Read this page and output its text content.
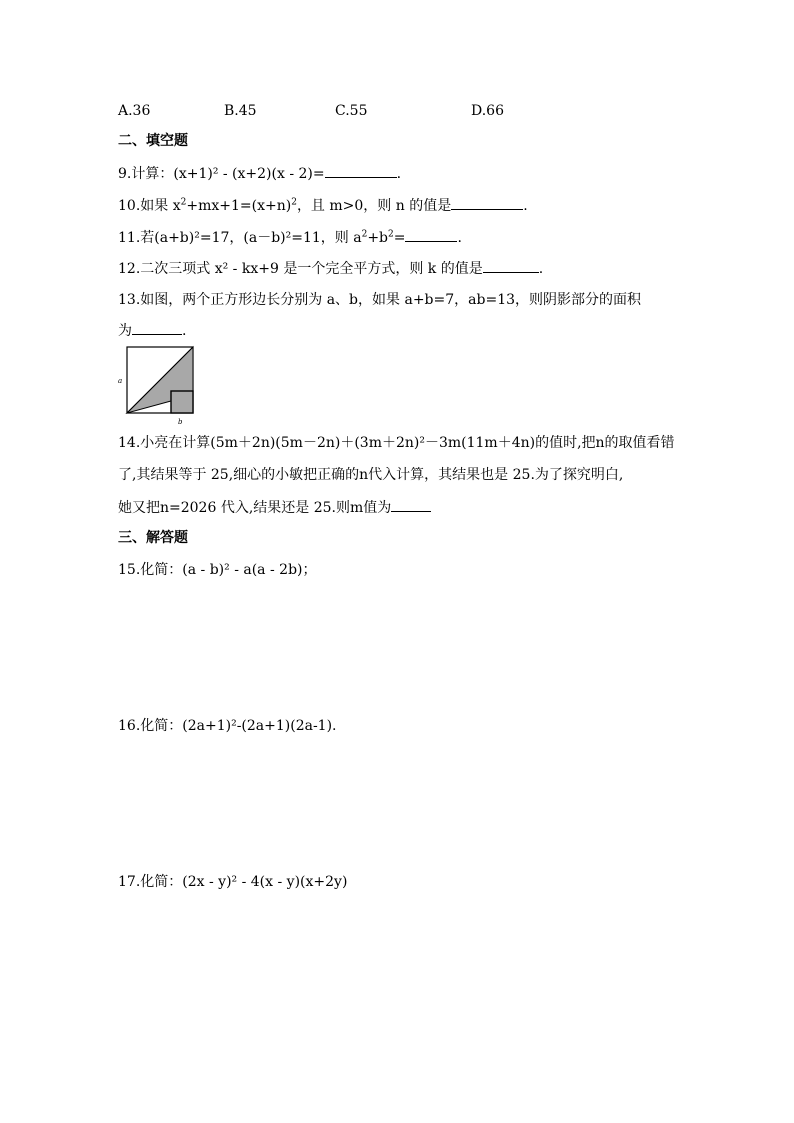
A.36	B.45	C.55	D.66
二、填空题
9.计算：(x+1)² - (x+2)(x - 2)=	.
10.如果 $x^2+mx+1=(x+n)^2$，且 m>0，则 n 的值是	.
11.若(a+b)²=17，(a－b)²=11，则 $a^2+b^2=$	.
12.二次三项式 x² - kx+9 是一个完全平方式，则 k 的值是	.
13.如图，两个正方形边长分别为 a、b，如果 a+b=7，ab=13，则阴影部分的面积
为	.
a
b
14.小亮在计算(5m＋2n)(5m－2n)＋(3m＋2n)²－3m(11m＋4n)的值时,把n的取值看错
了,其结果等于 25,细心的小敏把正确的n代入计算，其结果也是 25.为了探究明白,
她又把n=2026 代入,结果还是 25.则m值为
三、解答题
15.化简：(a - b)² - a(a - 2b)；
16.化简：(2a+1)²-(2a+1)(2a-1).
17.化简：(2x - y)² - 4(x - y)(x+2y)
